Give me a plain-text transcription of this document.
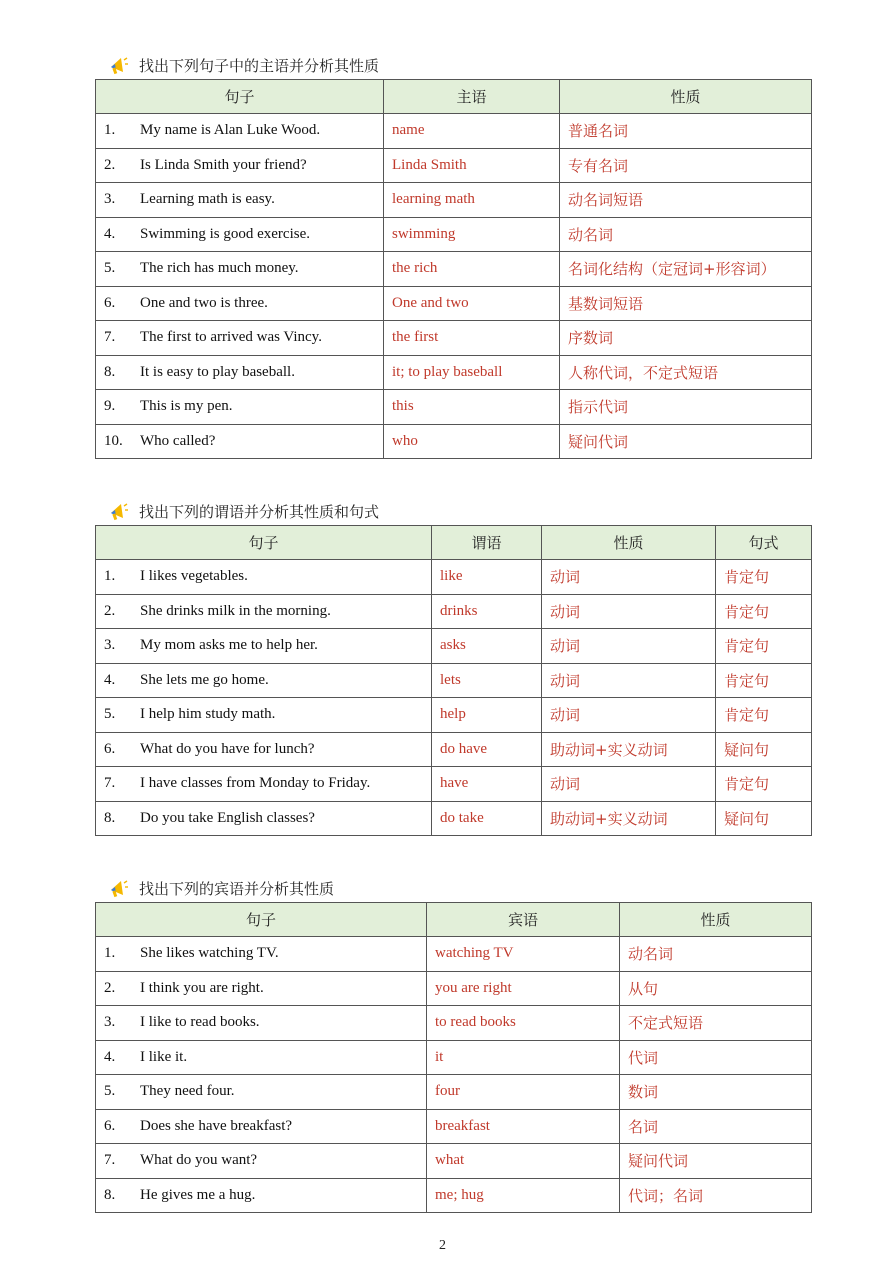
找出下列句子中的主语并分析其性质
句子	主语	性质
1. My name is Alan Luke Wood.	name	普通名词
2. Is Linda Smith your friend?	Linda Smith	专有名词
3. Learning math is easy.	learning math	动名词短语
4. Swimming is good exercise.	swimming	动名词
5. The rich has much money.	the rich	名词化结构（定冠词+形容词）
6. One and two is three.	One and two	基数词短语
7. The first to arrived was Vincy.	the first	序数词
8. It is easy to play baseball.	it; to play baseball	人称代词，不定式短语
9. This is my pen.	this	指示代词
10. Who called?	who	疑问代词
找出下列的谓语并分析其性质和句式
句子	谓语	性质	句式
1. I likes vegetables.	like	动词	肯定句
2. She drinks milk in the morning.	drinks	动词	肯定句
3. My mom asks me to help her.	asks	动词	肯定句
4. She lets me go home.	lets	动词	肯定句
5. I help him study math.	help	动词	肯定句
6. What do you have for lunch?	do have	助动词+实义动词	疑问句
7. I have classes from Monday to Friday.	have	动词	肯定句
8. Do you take English classes?	do take	助动词+实义动词	疑问句
找出下列的宾语并分析其性质
句子	宾语	性质
1. She likes watching TV.	watching TV	动名词
2. I think you are right.	you are right	从句
3. I like to read books.	to read books	不定式短语
4. I like it.	it	代词
5. They need four.	four	数词
6. Does she have breakfast?	breakfast	名词
7. What do you want?	what	疑问代词
8. He gives me a hug.	me; hug	代词；名词
2
